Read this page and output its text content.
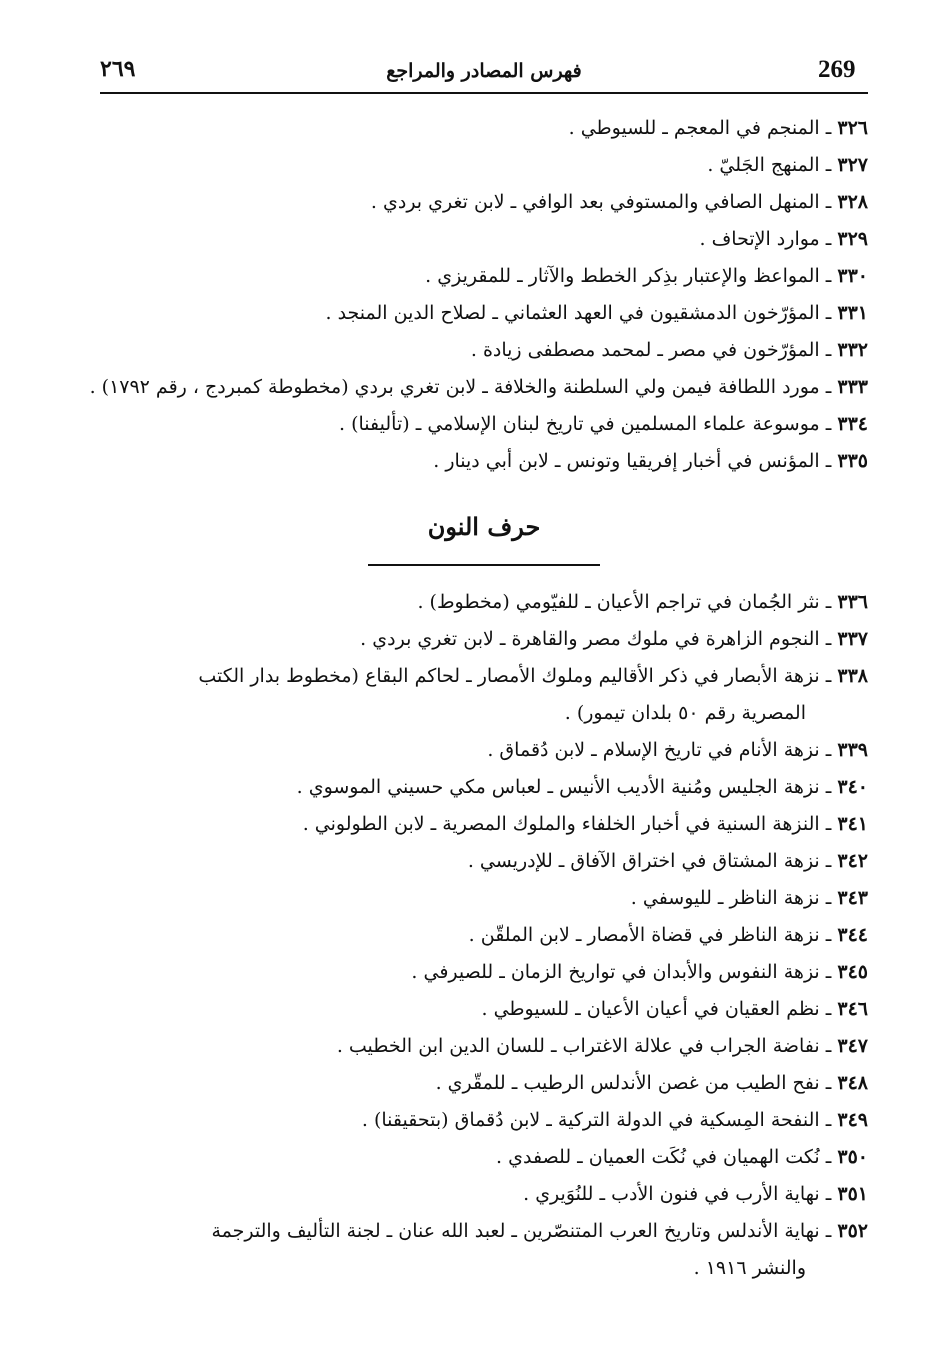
269
فهرس المصادر والمراجع
٢٦٩
٣٢٦ ـ المنجم في المعجم ـ للسيوطي .
٣٢٧ ـ المنهج الجَليّ .
٣٢٨ ـ المنهل الصافي والمستوفي بعد الوافي ـ لابن تغري بردي .
٣٢٩ ـ موارد الإتحاف .
٣٣٠ ـ المواعظ والإعتبار بذِكر الخطط والآثار ـ للمقريزي .
٣٣١ ـ المؤرّخون الدمشقيون في العهد العثماني ـ لصلاح الدين المنجد .
٣٣٢ ـ المؤرّخون في مصر ـ لمحمد مصطفى زيادة .
٣٣٣ ـ مورد اللطافة فيمن ولي السلطنة والخلافة ـ لابن تغري بردي (مخطوطة كمبردج ، رقم ١٧٩٢) .
٣٣٤ ـ موسوعة علماء المسلمين في تاريخ لبنان الإسلامي ـ (تأليفنا) .
٣٣٥ ـ المؤنس في أخبار إفريقيا وتونس ـ لابن أبي دينار .
حرف النون
٣٣٦ ـ نثر الجُمان في تراجم الأعيان ـ للفيّومي (مخطوط) .
٣٣٧ ـ النجوم الزاهرة في ملوك مصر والقاهرة ـ لابن تغري بردي .
٣٣٨ ـ نزهة الأبصار في ذكر الأقاليم وملوك الأمصار ـ لحاكم البقاع (مخطوط بدار الكتب
المصرية رقم ٥٠ بلدان تيمور) .
٣٣٩ ـ نزهة الأنام في تاريخ الإسلام ـ لابن دُقماق .
٣٤٠ ـ نزهة الجليس ومُنية الأديب الأنيس ـ لعباس مكي حسيني الموسوي .
٣٤١ ـ النزهة السنية في أخبار الخلفاء والملوك المصرية ـ لابن الطولوني .
٣٤٢ ـ نزهة المشتاق في اختراق الآفاق ـ للإدريسي .
٣٤٣ ـ نزهة الناظر ـ لليوسفي .
٣٤٤ ـ نزهة الناظر في قضاة الأمصار ـ لابن الملقّن .
٣٤٥ ـ نزهة النفوس والأبدان في تواريخ الزمان ـ للصيرفي .
٣٤٦ ـ نظم العقيان في أعيان الأعيان ـ للسيوطي .
٣٤٧ ـ نفاضة الجراب في علالة الاغتراب ـ للسان الدين ابن الخطيب .
٣٤٨ ـ نفح الطيب من غصن الأندلس الرطيب ـ للمقّري .
٣٤٩ ـ النفحة المِسكية في الدولة التركية ـ لابن دُقماق (بتحقيقنا) .
٣٥٠ ـ نُكت الهميان في نُكَت العميان ـ للصفدي .
٣٥١ ـ نهاية الأرب في فنون الأدب ـ للنُوَيري .
٣٥٢ ـ نهاية الأندلس وتاريخ العرب المتنصّرين ـ لعبد الله عنان ـ لجنة التأليف والترجمة
والنشر ١٩١٦ .
